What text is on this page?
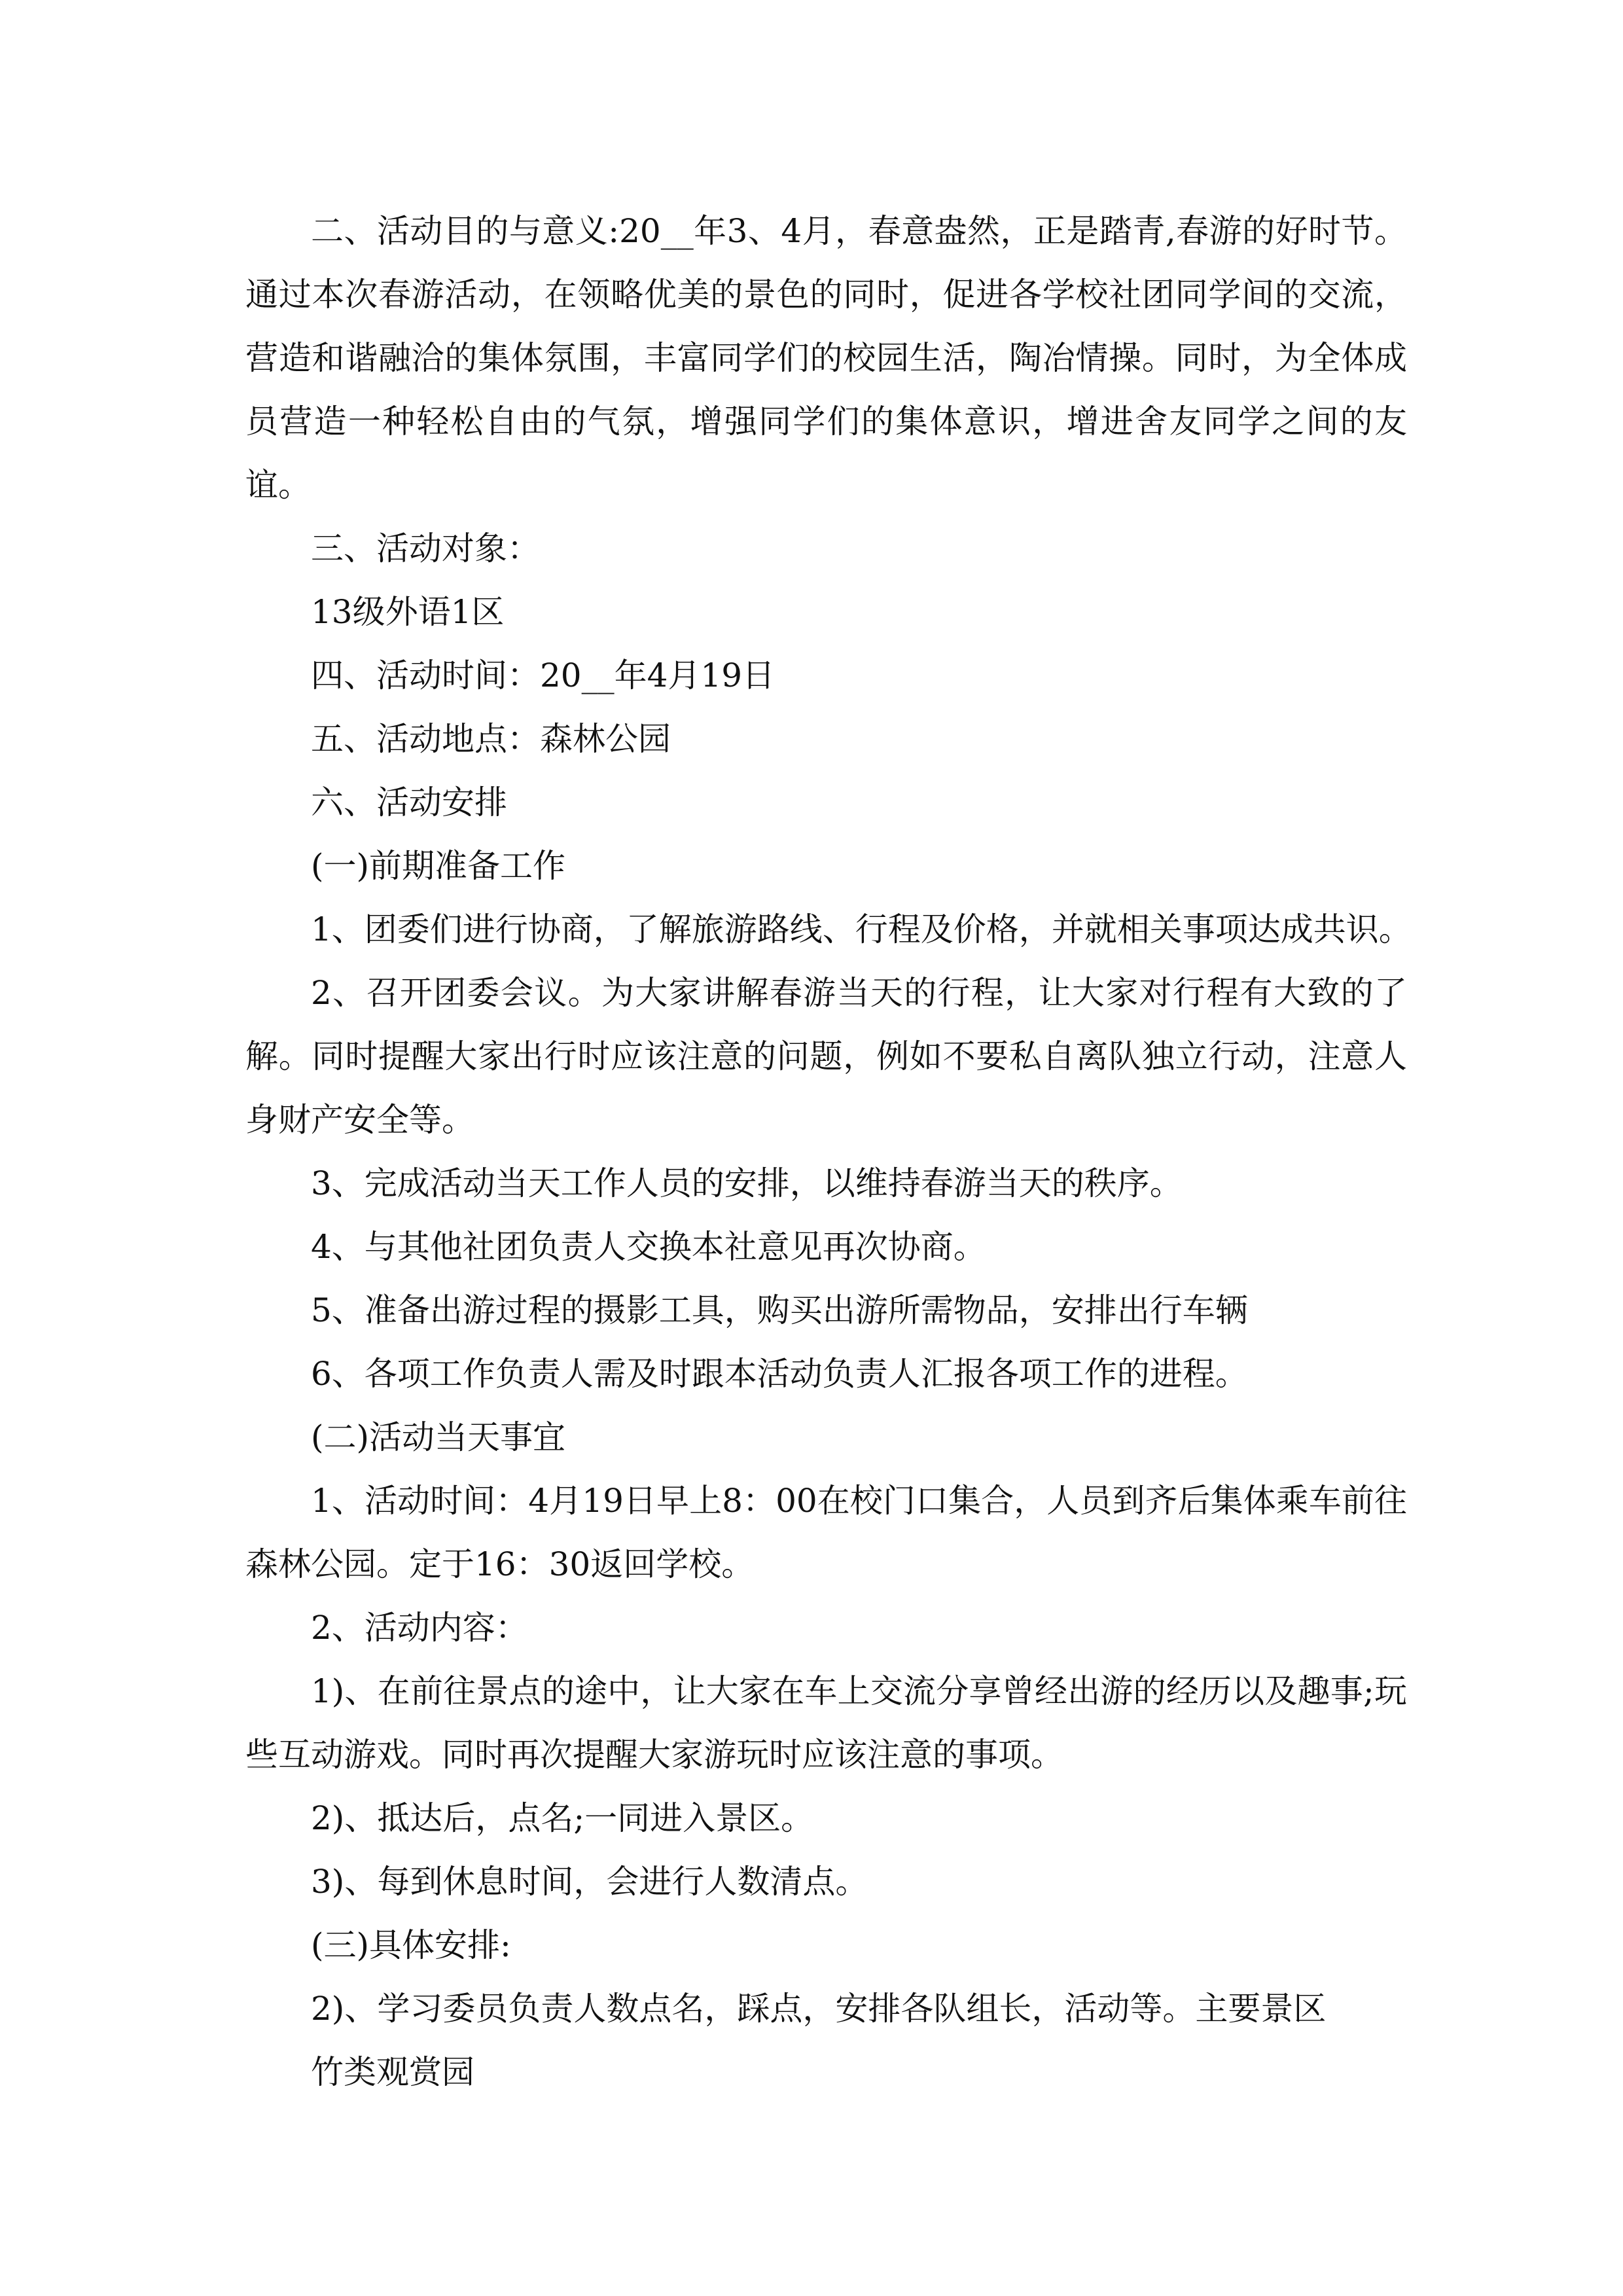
二、活动目的与意义:20__年3、4月，春意盎然，正是踏青,春游的好时节。通过本次春游活动，在领略优美的景色的同时，促进各学校社团同学间的交流，营造和谐融洽的集体氛围，丰富同学们的校园生活，陶冶情操。同时，为全体成员营造一种轻松自由的气氛，增强同学们的集体意识，增进舍友同学之间的友谊。

三、活动对象：

13级外语1区

四、活动时间：20__年4月19日

五、活动地点：森林公园

六、活动安排

(一)前期准备工作

1、团委们进行协商，了解旅游路线、行程及价格，并就相关事项达成共识。

2、召开团委会议。为大家讲解春游当天的行程，让大家对行程有大致的了解。同时提醒大家出行时应该注意的问题，例如不要私自离队独立行动，注意人身财产安全等。

3、完成活动当天工作人员的安排，以维持春游当天的秩序。

4、与其他社团负责人交换本社意见再次协商。

5、准备出游过程的摄影工具，购买出游所需物品，安排出行车辆

6、各项工作负责人需及时跟本活动负责人汇报各项工作的进程。

(二)活动当天事宜

1、活动时间：4月19日早上8：00在校门口集合，人员到齐后集体乘车前往森林公园。定于16：30返回学校。

2、活动内容：

1)、在前往景点的途中，让大家在车上交流分享曾经出游的经历以及趣事;玩些互动游戏。同时再次提醒大家游玩时应该注意的事项。

2)、抵达后，点名;一同进入景区。

3)、每到休息时间，会进行人数清点。

(三)具体安排:

2)、学习委员负责人数点名，踩点，安排各队组长，活动等。主要景区

竹类观赏园
